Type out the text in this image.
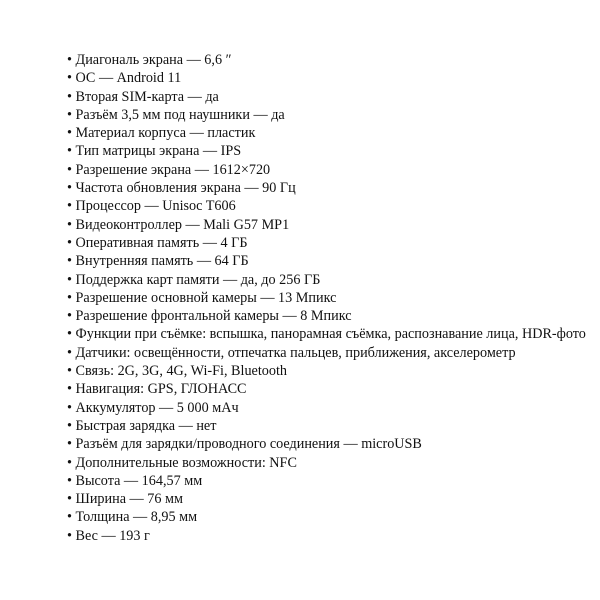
• Диагональ экрана — 6,6 ″
• ОС — Android 11
• Вторая SIM-карта — да
• Разъём 3,5 мм под наушники — да
• Материал корпуса — пластик
• Тип матрицы экрана — IPS
• Разрешение экрана — 1612×720
• Частота обновления экрана — 90 Гц
• Процессор — Unisoc T606
• Видеоконтроллер — Mali G57 MP1
• Оперативная память — 4 ГБ
• Внутренняя память — 64 ГБ
• Поддержка карт памяти — да, до 256 ГБ
• Разрешение основной камеры — 13 Мпикс
• Разрешение фронтальной камеры — 8 Мпикс
• Функции при съёмке: вспышка, панорамная съёмка, распознавание лица, HDR-фото
• Датчики: освещённости, отпечатка пальцев, приближения, акселерометр
• Связь: 2G, 3G, 4G, Wi-Fi, Bluetooth
• Навигация: GPS, ГЛОНАСС
• Аккумулятор — 5 000 мАч
• Быстрая зарядка — нет
• Разъём для зарядки/проводного соединения — microUSB
• Дополнительные возможности: NFC
• Высота — 164,57 мм
• Ширина — 76 мм
• Толщина — 8,95 мм
• Вес — 193 г
